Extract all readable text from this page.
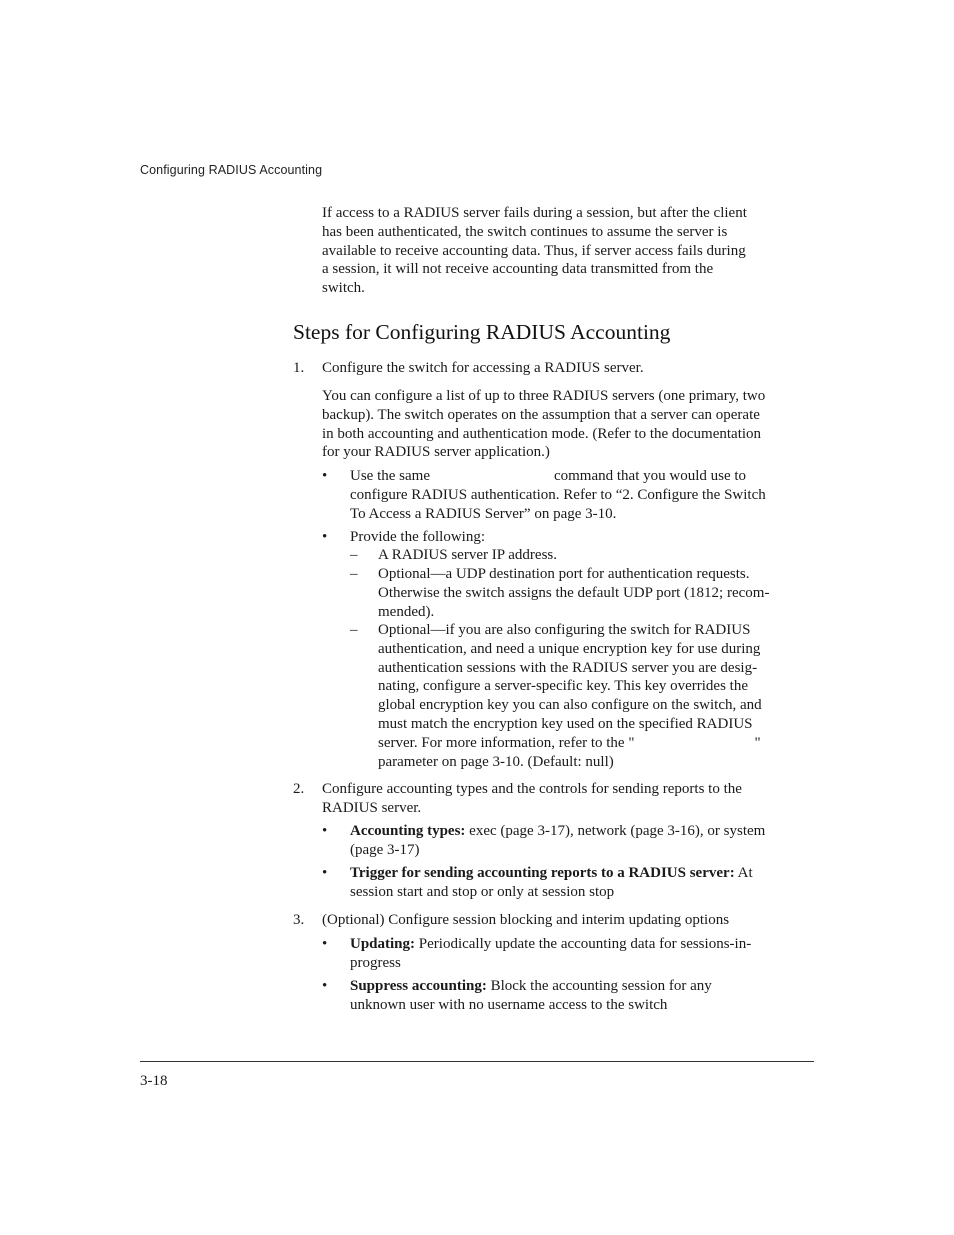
Configuring RADIUS Accounting
If access to a RADIUS server fails during a session, but after the client
has been authenticated, the switch continues to assume the server is
available to receive accounting data. Thus, if server access fails during
a session, it will not receive accounting data transmitted from the
switch.
Steps for Configuring RADIUS Accounting
1. Configure the switch for accessing a RADIUS server.
You can configure a list of up to three RADIUS servers (one primary, two
backup). The switch operates on the assumption that a server can operate
in both accounting and authentication mode. (Refer to the documentation
for your RADIUS server application.)
• Use the same	command that you would use to
configure RADIUS authentication. Refer to “2. Configure the Switch
To Access a RADIUS Server” on page 3-10.
• Provide the following:
– A RADIUS server IP address.
– Optional—a UDP destination port for authentication requests.
Otherwise the switch assigns the default UDP port (1812; recom-
mended).
– Optional—if you are also configuring the switch for RADIUS
authentication, and need a unique encryption key for use during
authentication sessions with the RADIUS server you are desig-
nating, configure a server-specific key. This key overrides the
global encryption key you can also configure on the switch, and
must match the encryption key used on the specified RADIUS
server. For more information, refer to the "	"
parameter on page 3-10. (Default: null)
2. Configure accounting types and the controls for sending reports to the
RADIUS server.
• Accounting types: exec (page 3-17), network (page 3-16), or system
(page 3-17)
• Trigger for sending accounting reports to a RADIUS server: At
session start and stop or only at session stop
3. (Optional) Configure session blocking and interim updating options
• Updating: Periodically update the accounting data for sessions-in-
progress
• Suppress accounting: Block the accounting session for any
unknown user with no username access to the switch
3-18
